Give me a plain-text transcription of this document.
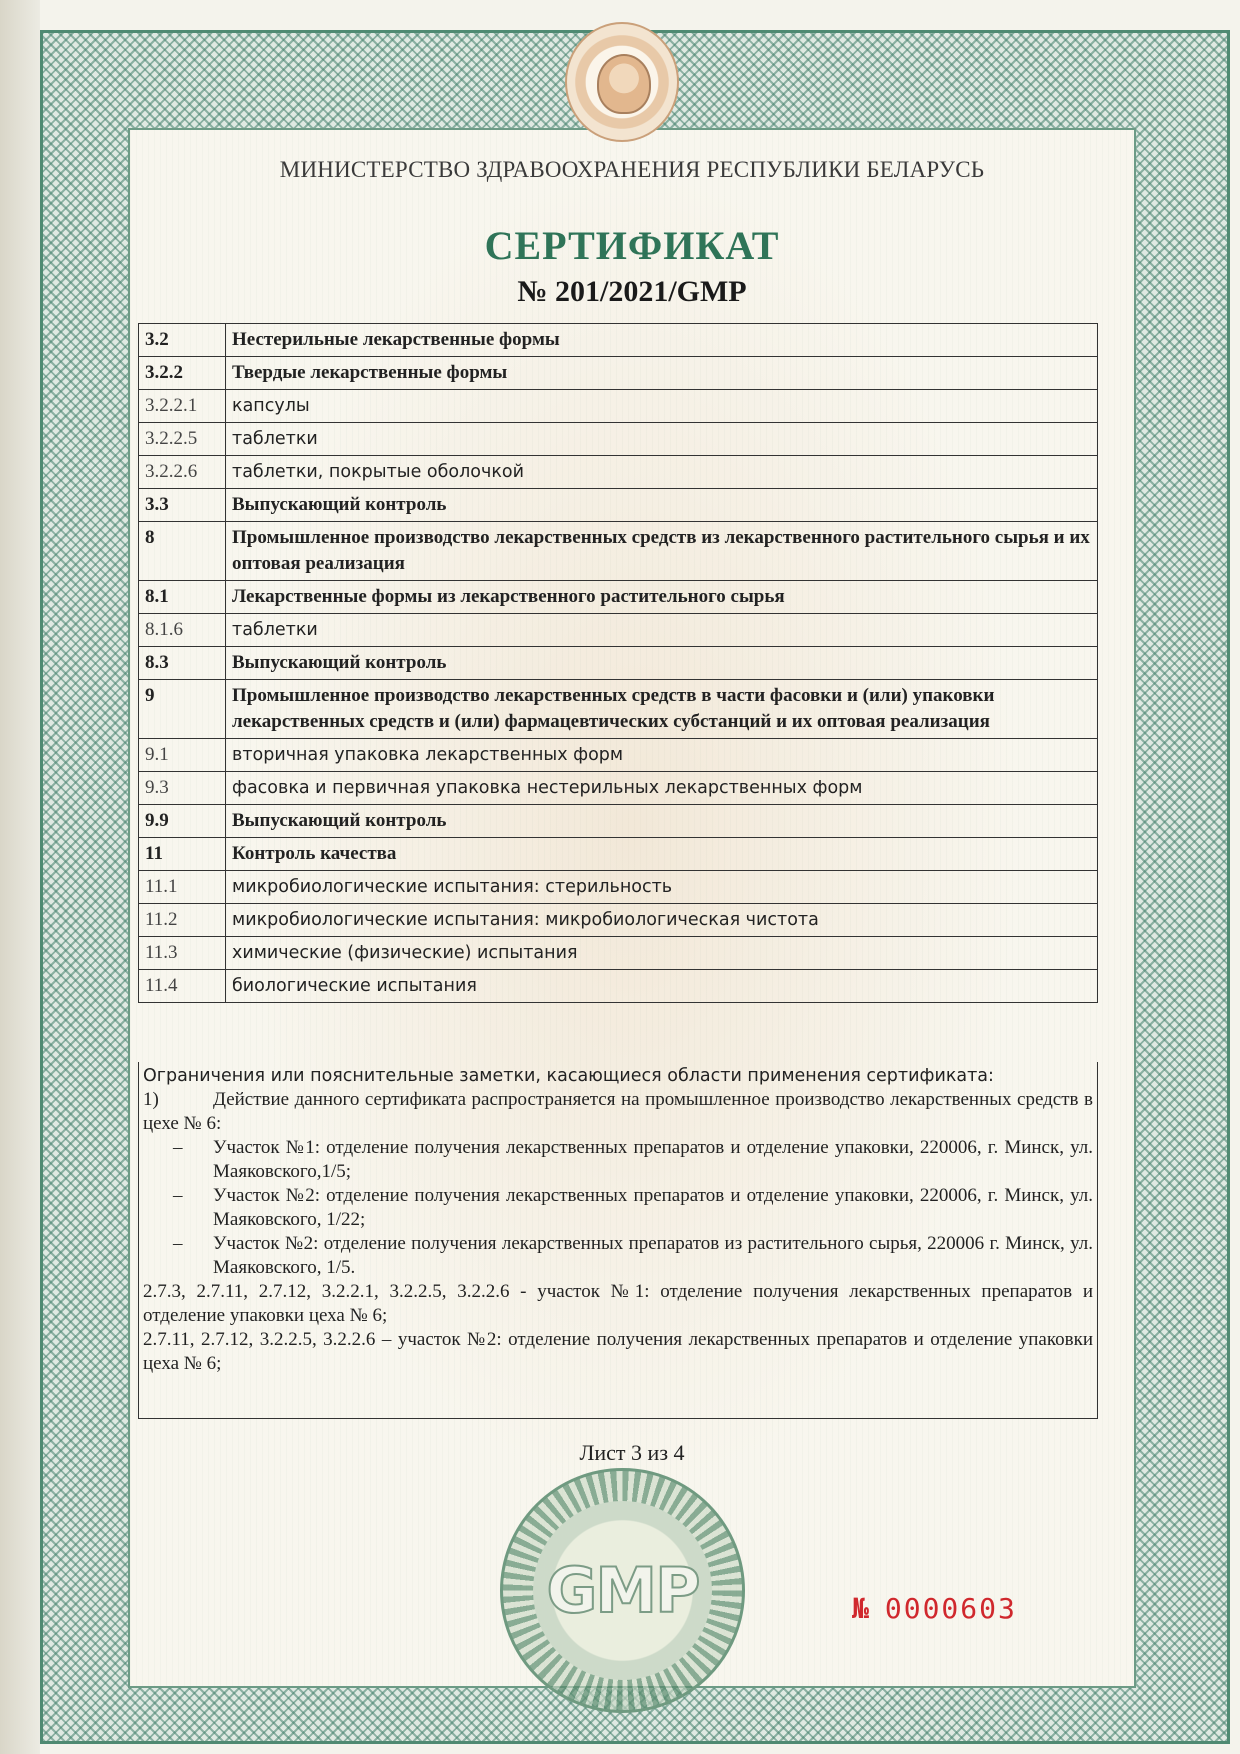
МИНИСТЕРСТВО ЗДРАВООХРАНЕНИЯ РЕСПУБЛИКИ БЕЛАРУСЬ
СЕРТИФИКАТ
№ 201/2021/GMP
3.2	Нестерильные лекарственные формы
3.2.2	Твердые лекарственные формы
3.2.2.1	капсулы
3.2.2.5	таблетки
3.2.2.6	таблетки, покрытые оболочкой
3.3	Выпускающий контроль
8	Промышленное производство лекарственных средств из лекарственного растительного сырья и их оптовая реализация
8.1	Лекарственные формы из лекарственного растительного сырья
8.1.6	таблетки
8.3	Выпускающий контроль
9	Промышленное производство лекарственных средств в части фасовки и (или) упаковки лекарственных средств и (или) фармацевтических субстанций и их оптовая реализация
9.1	вторичная упаковка лекарственных форм
9.3	фасовка и первичная упаковка нестерильных лекарственных форм
9.9	Выпускающий контроль
11	Контроль качества
11.1	микробиологические испытания: стерильность
11.2	микробиологические испытания: микробиологическая чистота
11.3	химические (физические) испытания
11.4	биологические испытания

Ограничения или пояснительные заметки, касающиеся области применения сертификата:

1)	Действие данного сертификата распространяется на промышленное производство лекарственных средств в цехе № 6:

– Участок №1: отделение получения лекарственных препаратов и отделение упаковки, 220006, г. Минск, ул. Маяковского,1/5;
– Участок №2: отделение получения лекарственных препаратов и отделение упаковки, 220006, г. Минск, ул. Маяковского, 1/22;
– Участок №2: отделение получения лекарственных препаратов из растительного сырья, 220006 г. Минск, ул. Маяковского, 1/5.

2.7.3, 2.7.11, 2.7.12, 3.2.2.1, 3.2.2.5, 3.2.2.6 - участок №1: отделение получения лекарственных препаратов и отделение упаковки цеха № 6;

2.7.11, 2.7.12, 3.2.2.5, 3.2.2.6 – участок №2: отделение получения лекарственных препаратов и отделение упаковки цеха № 6;

Лист 3 из 4
GMP	№ 0000603
